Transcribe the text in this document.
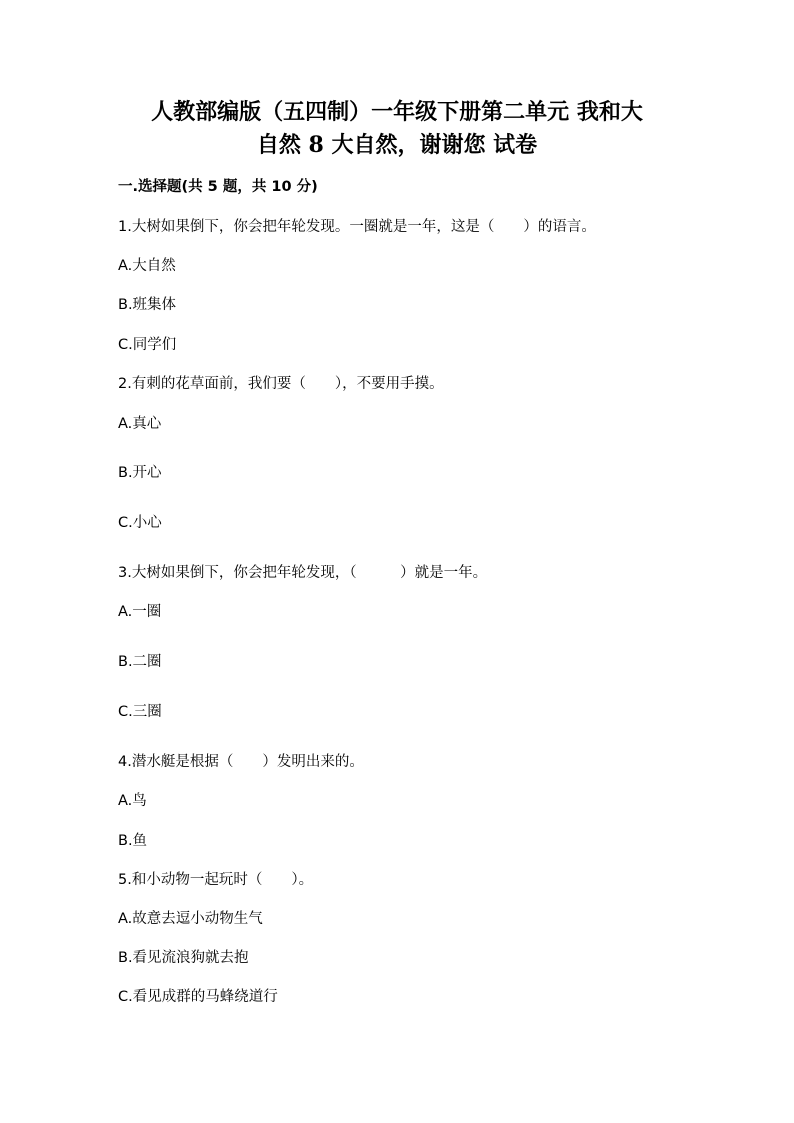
人教部编版（五四制）一年级下册第二单元 我和大
自然 8 大自然，谢谢您 试卷
一.选择题(共 5 题，共 10 分)
1.大树如果倒下，你会把年轮发现。一圈就是一年，这是（　　）的语言。
A.大自然
B.班集体
C.同学们
2.有刺的花草面前，我们要（　　），不要用手摸。
A.真心
B.开心
C.小心
3.大树如果倒下，你会把年轮发现，（　　　）就是一年。
A.一圈
B.二圈
C.三圈
4.潜水艇是根据（　　）发明出来的。
A.鸟
B.鱼
5.和小动物一起玩时（　　）。
A.故意去逗小动物生气
B.看见流浪狗就去抱
C.看见成群的马蜂绕道行
